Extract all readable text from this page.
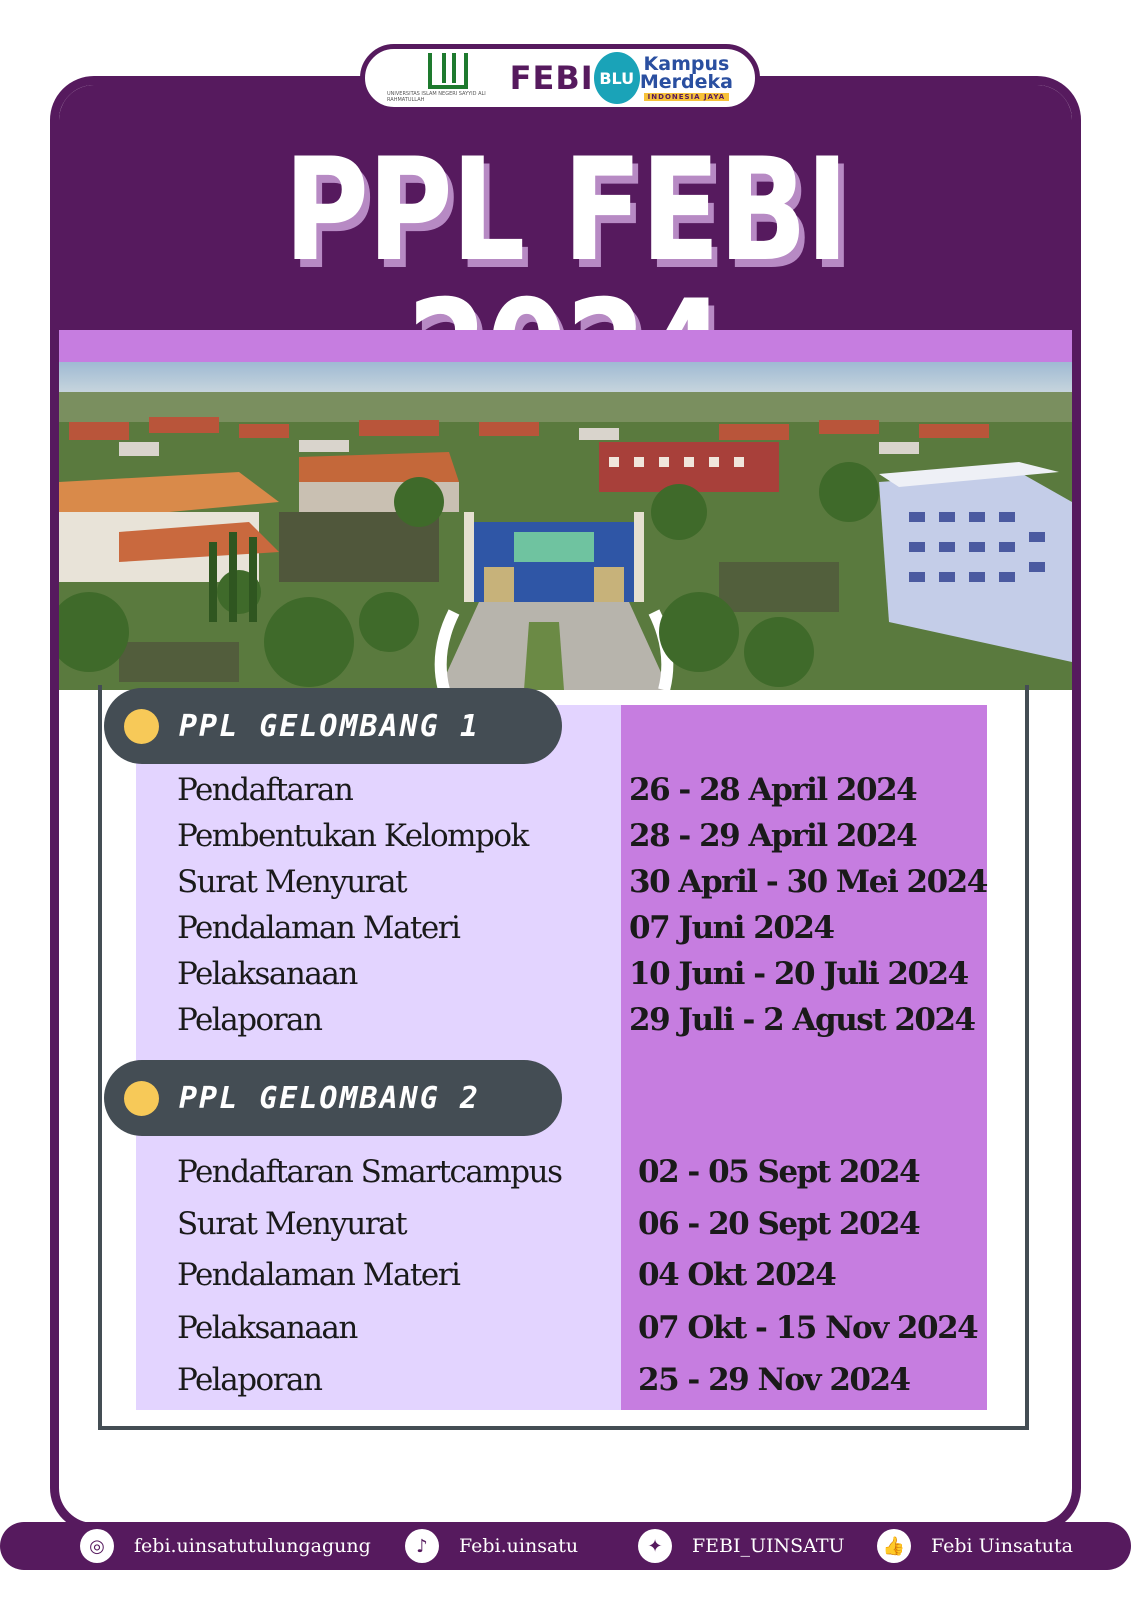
PPL FEBI
PPL GELOMBANG 1
Pendaftaran	26 - 28 April 2024
Pembentukan Kelompok	28 - 29 April 2024
Surat Menyurat	30 April - 30 Mei 2024
Pendalaman Materi	07 Juni 2024
Pelaksanaan	10 Juni - 20 Juli 2024
Pelaporan	29 Juli - 2 Agust 2024
PPL GELOMBANG 2
Pendaftaran Smartcampus 02 - 05 Sept 2024
Surat Menyurat	06 - 20 Sept 2024
Pendalaman Materi	04 Okt 2024
Pelaksanaan	07 Okt - 15 Nov 2024
Pelaporan	25 - 29 Nov 2024
UNIVERSITAS ISLAM NEGERI SAYYID ALI RAHMATULLAH
FEBI BLU
Kampus
Merdeka
INDONESIA JAYA
◎	febi.uinsatutulungagung	♪	Febi.uinsatu	✦	FEBI_UINSATU	👍	Febi Uinsatuta
